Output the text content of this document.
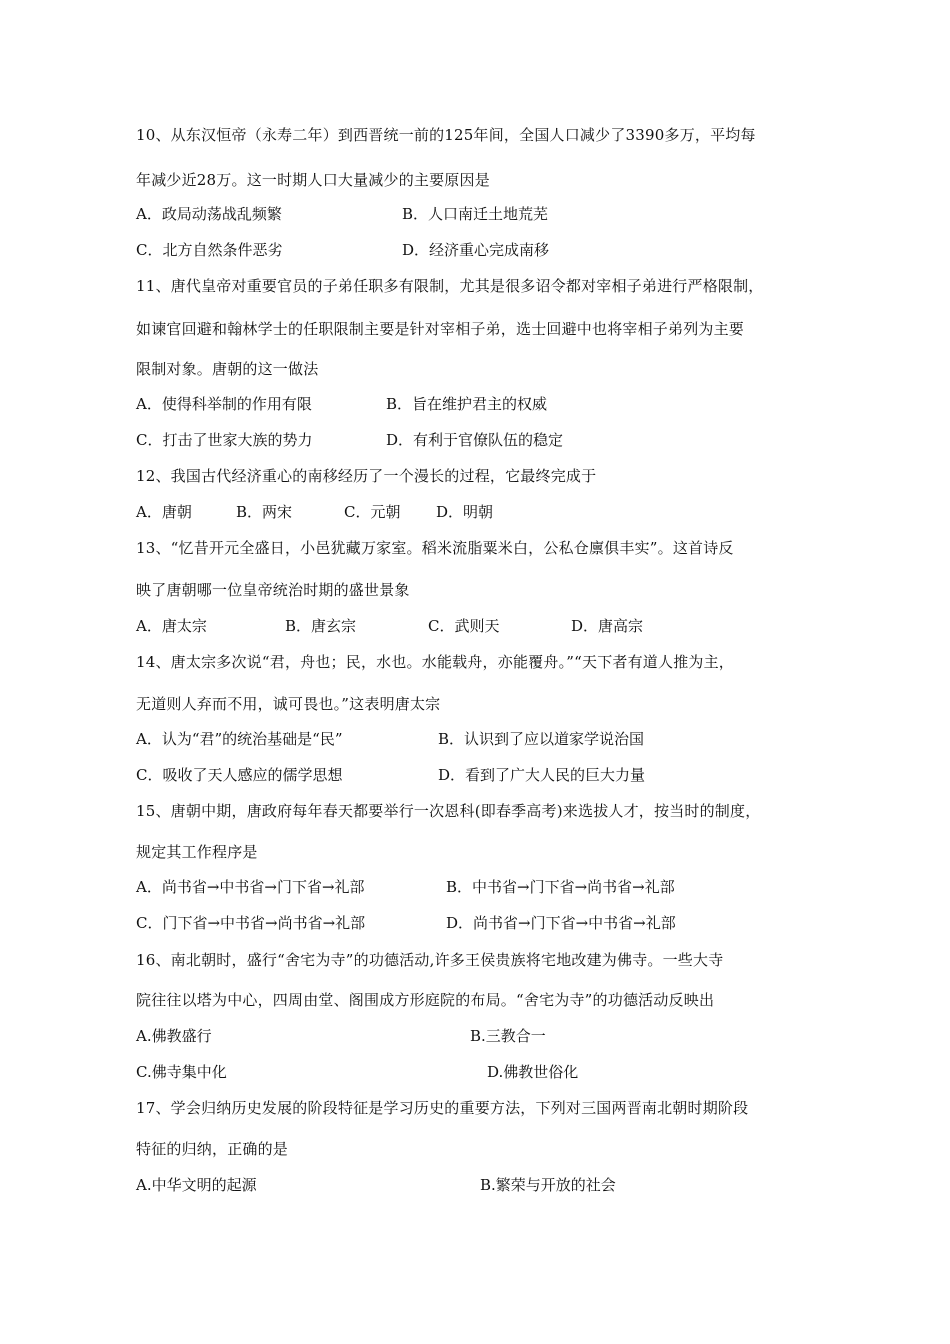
10、从东汉恒帝（永寿二年）到西晋统一前的125年间，全国人口减少了3390多万，平均每
年减少近28万。这一时期人口大量减少的主要原因是
A．政局动荡战乱频繁	B．人口南迁土地荒芜
C．北方自然条件恶劣	D．经济重心完成南移
11、唐代皇帝对重要官员的子弟任职多有限制，尤其是很多诏令都对宰相子弟进行严格限制，
如谏官回避和翰林学士的任职限制主要是针对宰相子弟，选士回避中也将宰相子弟列为主要
限制对象。唐朝的这一做法
A．使得科举制的作用有限	B．旨在维护君主的权威
C．打击了世家大族的势力	D．有利于官僚队伍的稳定
12、我国古代经济重心的南移经历了一个漫长的过程，它最终完成于
A．唐朝	B．两宋	C．元朝 D．明朝
13、“忆昔开元全盛日，小邑犹藏万家室。稻米流脂粟米白，公私仓廪俱丰实”。这首诗反
映了唐朝哪一位皇帝统治时期的盛世景象
A．唐太宗	B．唐玄宗	C．武则天	D．唐高宗
14、唐太宗多次说“君，舟也；民，水也。水能载舟，亦能覆舟。”“天下者有道人推为主，
无道则人弃而不用，诚可畏也。”这表明唐太宗
A．认为“君”的统治基础是“民”	B．认识到了应以道家学说治国
C．吸收了天人感应的儒学思想	D．看到了广大人民的巨大力量
15、唐朝中期，唐政府每年春天都要举行一次恩科(即春季高考)来选拔人才，按当时的制度，
规定其工作程序是
A．尚书省→中书省→门下省→礼部	B．中书省→门下省→尚书省→礼部
C．门下省→中书省→尚书省→礼部	D．尚书省→门下省→中书省→礼部
16、南北朝时，盛行“舍宅为寺”的功德活动,许多王侯贵族将宅地改建为佛寺。一些大寺
院往往以塔为中心，四周由堂、阁围成方形庭院的布局。“舍宅为寺”的功德活动反映出
A.佛教盛行	B.三教合一
C.佛寺集中化	D.佛教世俗化
17、学会归纳历史发展的阶段特征是学习历史的重要方法，下列对三国两晋南北朝时期阶段
特征的归纳，正确的是
A.中华文明的起源	B.繁荣与开放的社会
